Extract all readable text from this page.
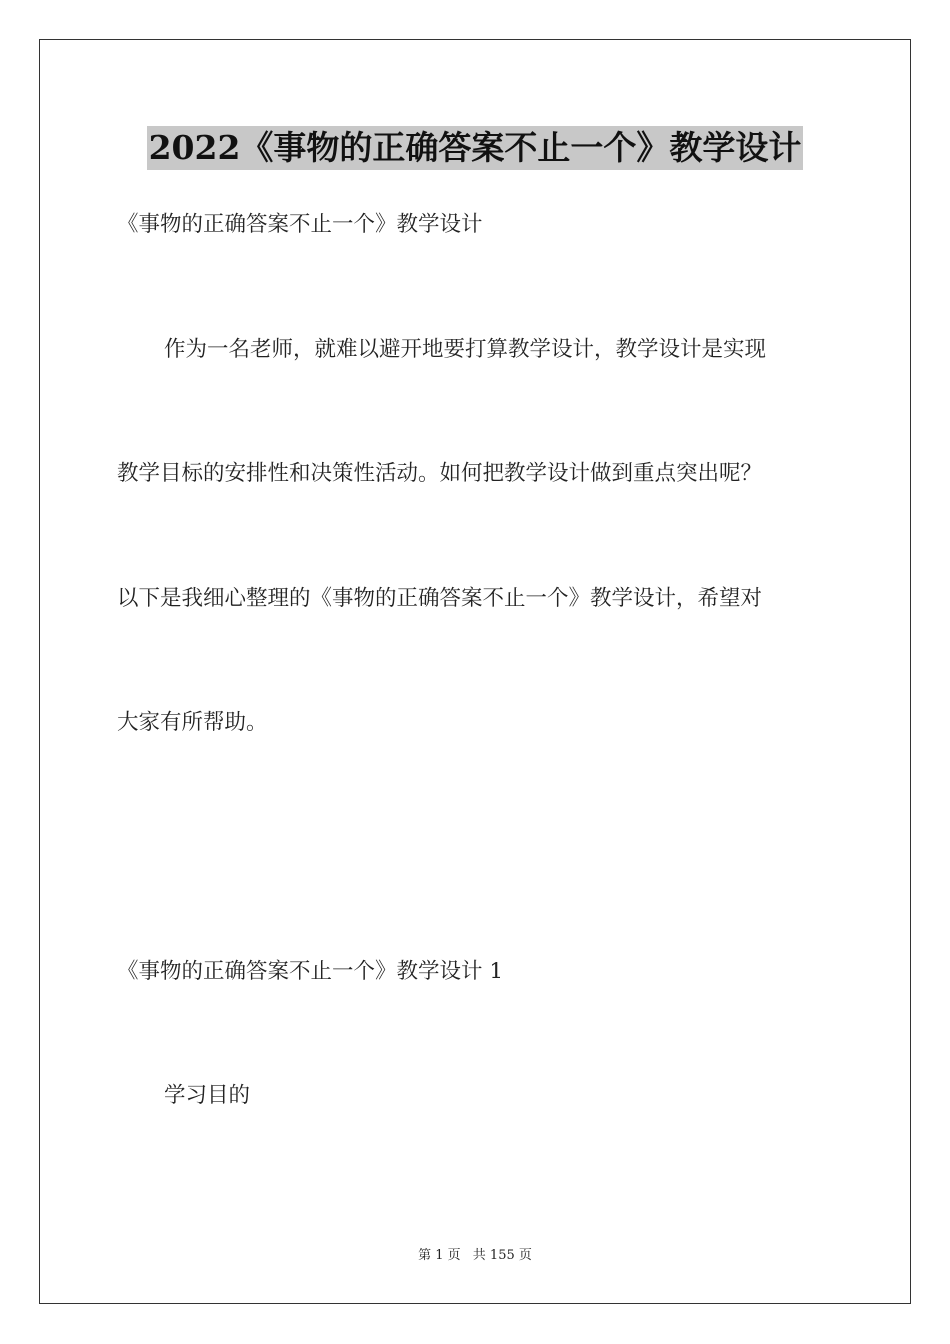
2022《事物的正确答案不止一个》教学设计

《事物的正确答案不止一个》教学设计

作为一名老师，就难以避开地要打算教学设计，教学设计是实现

教学目标的安排性和决策性活动。如何把教学设计做到重点突出呢？

以下是我细心整理的《事物的正确答案不止一个》教学设计，希望对

大家有所帮助。

《事物的正确答案不止一个》教学设计 1

学习目的

第 1 页 共 155 页
